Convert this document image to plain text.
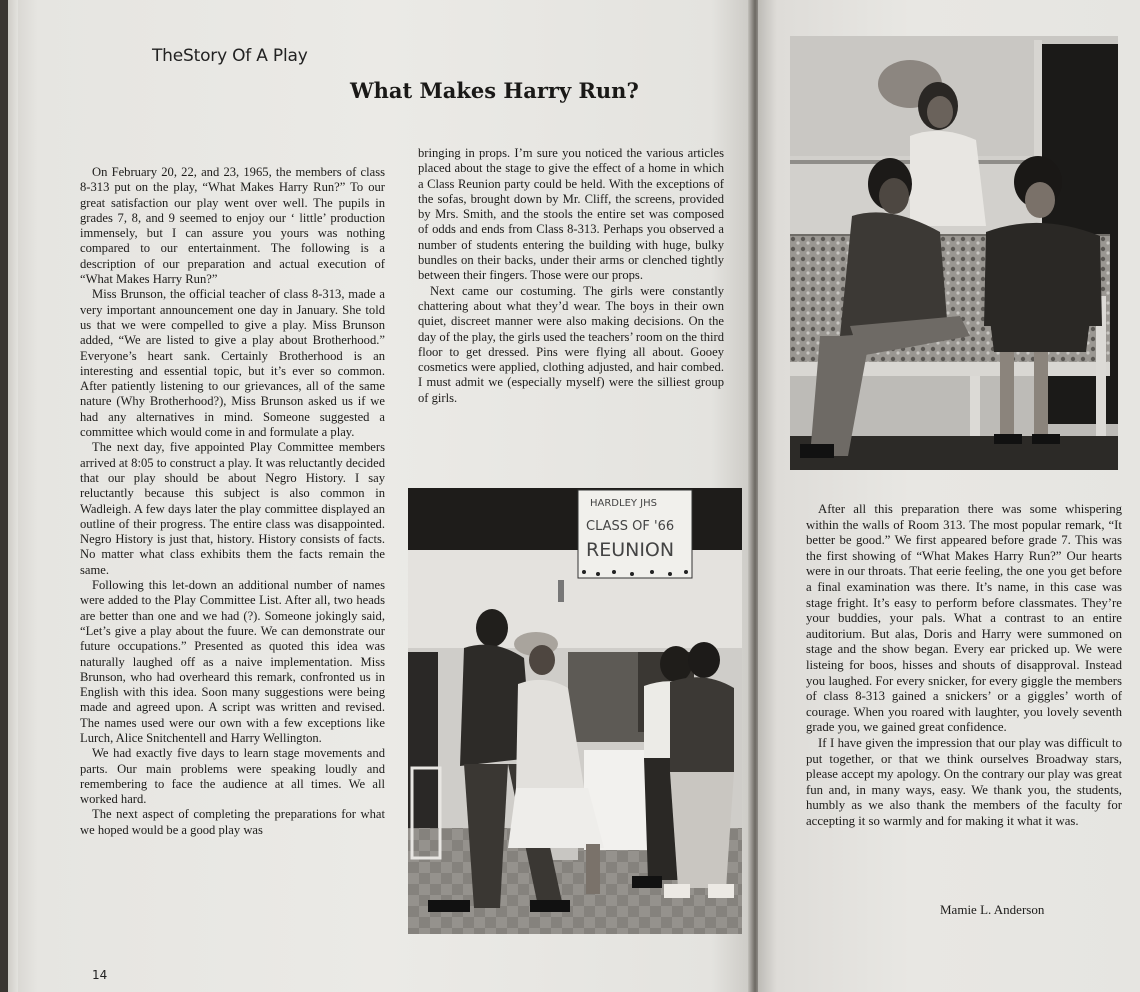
TheStory Of A Play
What Makes Harry Run?

On February 20, 22, and 23, 1965, the members of class 8-313 put on the play, “What Makes Harry Run?” To our great satisfaction our play went over well. The pupils in grades 7, 8, and 9 seemed to enjoy our ‘ little’ production immensely, but I can assure you yours was nothing compared to our entertainment. The following is a description of our preparation and actual execution of “What Makes Harry Run?”

Miss Brunson, the official teacher of class 8-313, made a very important announcement one day in January. She told us that we were compelled to give a play. Miss Brunson added, “We are listed to give a play about Brotherhood.” Everyone’s heart sank. Certainly Brotherhood is an interesting and essential topic, but it’s ever so common. After patiently listening to our grievances, all of the same nature (Why Brotherhood?), Miss Brunson asked us if we had any alternatives in mind. Someone suggested a committee which would come in and formulate a play.

The next day, five appointed Play Committee members arrived at 8:05 to construct a play. It was reluctantly decided that our play should be about Negro History. I say reluctantly because this subject is also common in Wadleigh. A few days later the play committee displayed an outline of their progress. The entire class was disappointed. Negro History is just that, history. History consists of facts. No matter what class exhibits them the facts remain the same.

Following this let-down an additional number of names were added to the Play Committee List. After all, two heads are better than one and we had (?). Someone jokingly said, “Let’s give a play about the fuure. We can demonstrate our future occupations.” Presented as quoted this idea was naturally laughed off as a naive implementation. Miss Brunson, who had overheard this remark, confronted us in English with this idea. Soon many suggestions were being made and agreed upon. A script was written and revised. The names used were our own with a few exceptions like Lurch, Alice Snitchentell and Harry Wellington.

We had exactly five days to learn stage movements and parts. Our main problems were speaking loudly and remembering to face the audience at all times. We all worked hard.

The next aspect of completing the preparations for what we hoped would be a good play was

bringing in props. I’m sure you noticed the various articles placed about the stage to give the effect of a home in which a Class Reunion party could be held. With the exceptions of the sofas, brought down by Mr. Cliff, the screens, provided by Mrs. Smith, and the stools the entire set was composed of odds and ends from Class 8-313. Perhaps you observed a number of students entering the building with huge, bulky bundles on their backs, under their arms or clenched tightly between their fingers. Those were our props.

Next came our costuming. The girls were constantly chattering about what they’d wear. The boys in their own quiet, discreet manner were also making decisions. On the day of the play, the girls used the teachers’ room on the third floor to get dressed. Pins were flying all about. Gooey cosmetics were applied, clothing adjusted, and hair combed. I must admit we (especially myself) were the silliest group of girls.

After all this preparation there was some whispering within the walls of Room 313. The most popular remark, “It better be good.” We first appeared before grade 7. This was the first showing of “What Makes Harry Run?” Our hearts were in our throats. That eerie feeling, the one you get before a final examination was there. It’s name, in this case was stage fright. It’s easy to perform before classmates. They’re your buddies, your pals. What a contrast to an entire auditorium. But alas, Doris and Harry were summoned on stage and the show began. Every ear pricked up. We were listeing for boos, hisses and shouts of disapproval. Instead you laughed. For every snicker, for every giggle the members of class 8-313 gained a snickers’ or a giggles’ worth of courage. When you roared with laughter, you lovely seventh grade you, we gained great confidence.

If I have given the impression that our play was difficult to put together, or that we think ourselves Broadway stars, please accept my apology. On the contrary our play was great fun and, in many ways, easy. We thank you, the students, humbly as we also thank the members of the faculty for accepting it so warmly and for making it what it was.

Mamie L. Anderson
14
HARDLEY JHS
CLASS OF '66
REUNION
